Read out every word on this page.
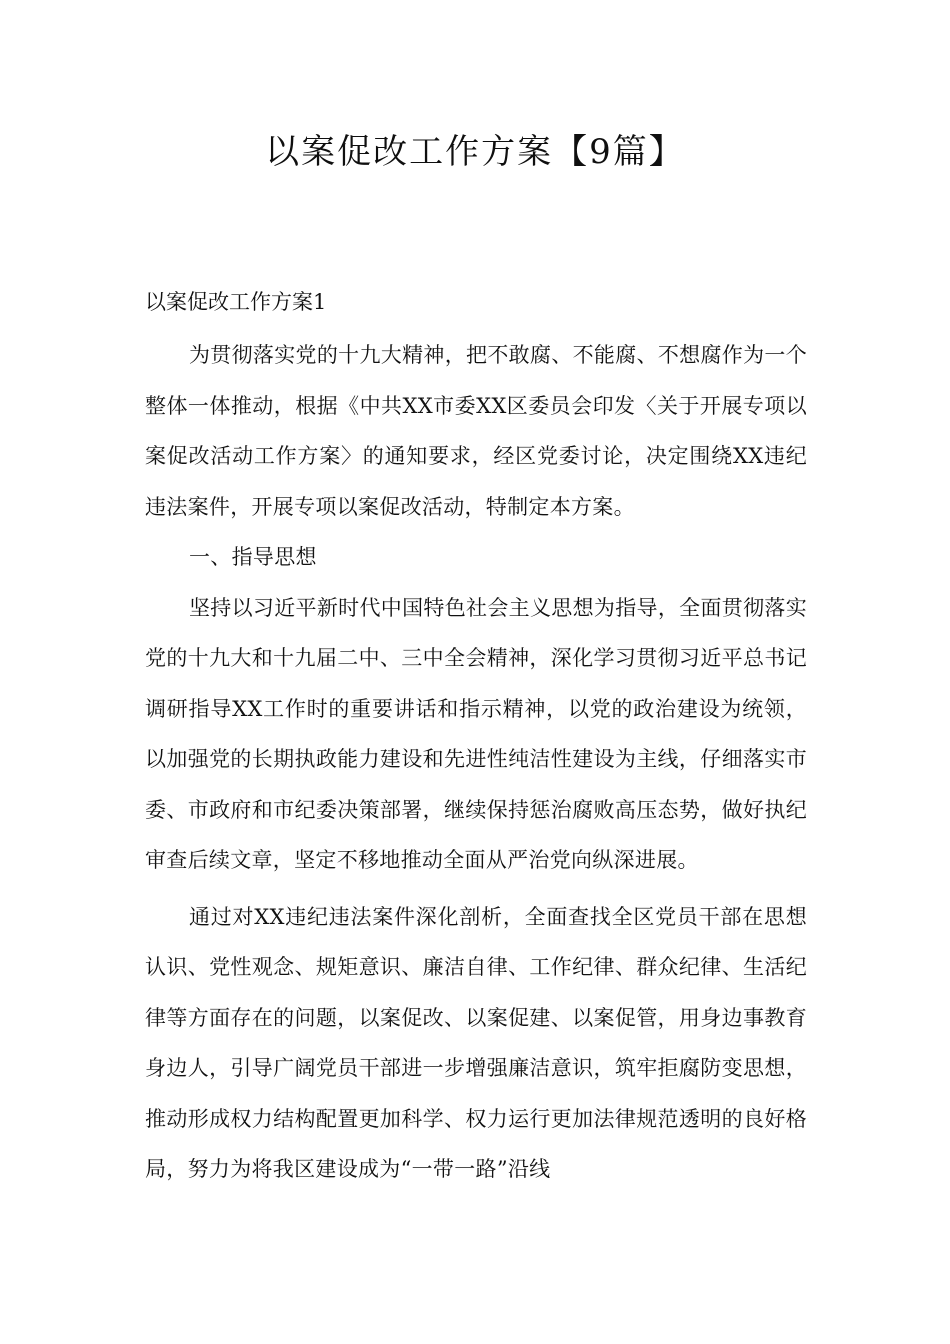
以案促改工作方案【9篇】

以案促改工作方案1

为贯彻落实党的十九大精神，把不敢腐、不能腐、不想腐作为一个整体一体推动，根据《中共XX市委XX区委员会印发〈关于开展专项以案促改活动工作方案〉的通知要求，经区党委讨论，决定围绕XX违纪违法案件，开展专项以案促改活动，特制定本方案。

一、指导思想

坚持以习近平新时代中国特色社会主义思想为指导，全面贯彻落实党的十九大和十九届二中、三中全会精神，深化学习贯彻习近平总书记调研指导XX工作时的重要讲话和指示精神，以党的政治建设为统领，以加强党的长期执政能力建设和先进性纯洁性建设为主线，仔细落实市委、市政府和市纪委决策部署，继续保持惩治腐败高压态势，做好执纪审查后续文章，坚定不移地推动全面从严治党向纵深进展。

通过对XX违纪违法案件深化剖析，全面查找全区党员干部在思想认识、党性观念、规矩意识、廉洁自律、工作纪律、群众纪律、生活纪律等方面存在的问题，以案促改、以案促建、以案促管，用身边事教育身边人，引导广阔党员干部进一步增强廉洁意识，筑牢拒腐防变思想，推动形成权力结构配置更加科学、权力运行更加法律规范透明的良好格局，努力为将我区建设成为“一带一路”沿线
